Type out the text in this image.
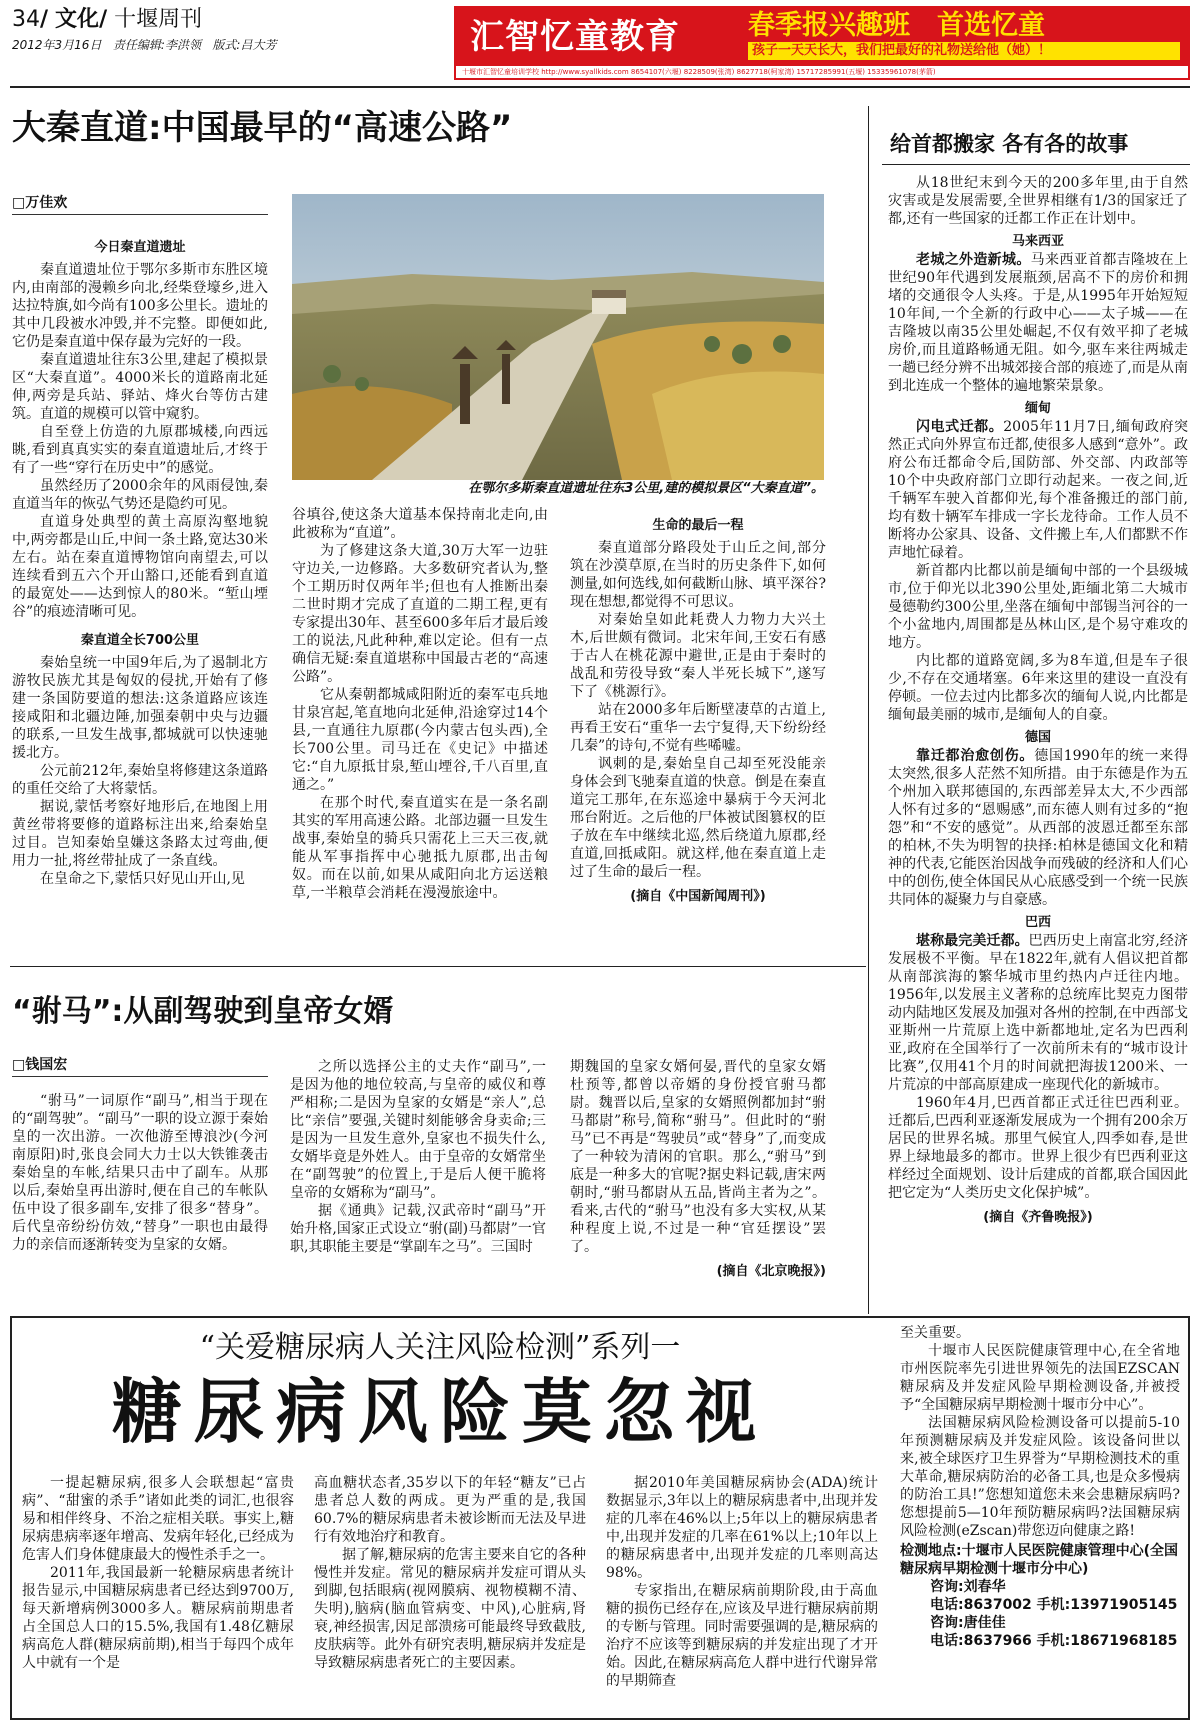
34/ 文化/ 十堰周刊
2012年3月16日 责任编辑:李洪领 版式:吕大芳	汇智忆童教育	春季报兴趣班　首选忆童
孩子一天天长大，我们把最好的礼物送给他（她）！
十堰市汇智忆童培训学校 http://www.syallkids.com 8654107(六堰) 8228509(张湾) 8627718(柯家湾) 15717285991(五堰) 15335961078(茅箭)
大秦直道:中国最早的“高速公路”
□万佳欢
今日秦直道遗址

秦直道遗址位于鄂尔多斯市东胜区境内,由南部的漫赖乡向北,经柴登壕乡,进入达拉特旗,如今尚有100多公里长。遗址的其中几段被水冲毁,并不完整。即便如此,它仍是秦直道中保存最为完好的一段。

秦直道遗址往东3公里,建起了模拟景区“大秦直道”。4000米长的道路南北延伸,两旁是兵站、驿站、烽火台等仿古建筑。直道的规模可以管中窥豹。

自至登上仿造的九原郡城楼,向西远眺,看到真真实实的秦直道遗址后,才终于有了一些“穿行在历史中”的感觉。

虽然经历了2000余年的风雨侵蚀,秦直道当年的恢弘气势还是隐约可见。

直道身处典型的黄土高原沟壑地貌中,两旁都是山丘,中间一条土路,宽达30米左右。站在秦直道博物馆向南望去,可以连续看到五六个开山豁口,还能看到直道的最宽处——达到惊人的80米。“堑山堙谷”的痕迹清晰可见。

秦直道全长700公里

秦始皇统一中国9年后,为了遏制北方游牧民族尤其是匈奴的侵扰,开始有了修建一条国防要道的想法:这条道路应该连接咸阳和北疆边陲,加强秦朝中央与边疆的联系,一旦发生战事,都城就可以快速驰援北方。

公元前212年,秦始皇将修建这条道路的重任交给了大将蒙恬。

据说,蒙恬考察好地形后,在地图上用黄丝带将要修的道路标注出来,给秦始皇过目。岂知秦始皇嫌这条路太过弯曲,便用力一扯,将丝带扯成了一条直线。

在皇命之下,蒙恬只好见山开山,见

在鄂尔多斯秦直道遗址往东3公里,建的模拟景区“大秦直道”。

谷填谷,使这条大道基本保持南北走向,由此被称为“直道”。

为了修建这条大道,30万大军一边驻守边关,一边修路。大多数研究者认为,整个工期历时仅两年半;但也有人推断出秦二世时期才完成了直道的二期工程,更有专家提出30年、甚至600多年后才最后竣工的说法,凡此种种,难以定论。但有一点确信无疑:秦直道堪称中国最古老的“高速公路”。

它从秦朝都城咸阳附近的秦军屯兵地甘泉宫起,笔直地向北延伸,沿途穿过14个县,一直通往九原郡(今内蒙古包头西),全长700公里。司马迁在《史记》中描述它:“自九原抵甘泉,堑山堙谷,千八百里,直通之。”

在那个时代,秦直道实在是一条名副其实的军用高速公路。北部边疆一旦发生战事,秦始皇的骑兵只需花上三天三夜,就能从军事指挥中心驰抵九原郡,出击匈奴。而在以前,如果从咸阳向北方运送粮草,一半粮草会消耗在漫漫旅途中。

生命的最后一程

秦直道部分路段处于山丘之间,部分筑在沙漠草原,在当时的历史条件下,如何测量,如何选线,如何截断山脉、填平深谷?现在想想,都觉得不可思议。

对秦始皇如此耗费人力物力大兴土木,后世颇有微词。北宋年间,王安石有感于古人在桃花源中避世,正是由于秦时的战乱和劳役导致“秦人半死长城下”,遂写下了《桃源行》。

站在2000多年后断壁凄草的古道上,再看王安石“重华一去宁复得,天下纷纷经几秦”的诗句,不觉有些唏嘘。

讽刺的是,秦始皇自己却至死没能亲身体会到飞驰秦直道的快意。倒是在秦直道完工那年,在东巡途中暴病于今天河北邢台附近。之后他的尸体被试图篡权的臣子放在车中继续北巡,然后绕道九原郡,经直道,回抵咸阳。就这样,他在秦直道上走过了生命的最后一程。

(摘自《中国新闻周刊》)
“驸马”:从副驾驶到皇帝女婿
□钱国宏

“驸马”一词原作“副马”,相当于现在的“副驾驶”。“副马”一职的设立源于秦始皇的一次出游。一次他游至博浪沙(今河南原阳)时,张良会同大力士以大铁锥袭击秦始皇的车帐,结果只击中了副车。从那以后,秦始皇再出游时,便在自己的车帐队伍中设了很多副车,安排了很多“替身”。后代皇帝纷纷仿效,“替身”一职也由最得力的亲信而逐渐转变为皇家的女婿。

之所以选择公主的丈夫作“副马”,一是因为他的地位较高,与皇帝的威仪和尊严相称;二是因为皇家的女婿是“亲人”,总比“亲信”要强,关键时刻能够舍身卖命;三是因为一旦发生意外,皇家也不损失什么,女婿毕竟是外姓人。由于皇帝的女婿常坐在“副驾驶”的位置上,于是后人便干脆将皇帝的女婿称为“副马”。

据《通典》记载,汉武帝时“副马”开始升格,国家正式设立“驸(副)马都尉”一官职,其职能主要是“掌副车之马”。三国时

期魏国的皇家女婿何晏,晋代的皇家女婿杜预等,都曾以帝婿的身份授官驸马都尉。魏晋以后,皇家的女婿照例都加封“驸马都尉”称号,简称“驸马”。但此时的“驸马”已不再是“驾驶员”或“替身”了,而变成了一种较为清闲的官职。那么,“驸马”到底是一种多大的官呢?据史料记载,唐宋两朝时,“驸马都尉从五品,皆尚主者为之”。看来,古代的“驸马”也没有多大实权,从某种程度上说,不过是一种“官廷摆设”罢了。

(摘自《北京晚报》)
给首都搬家 各有各的故事

从18世纪末到今天的200多年里,由于自然灾害或是发展需要,全世界相继有1/3的国家迁了都,还有一些国家的迁都工作正在计划中。

马来西亚

老城之外造新城。马来西亚首都吉隆坡在上世纪90年代遇到发展瓶颈,居高不下的房价和拥堵的交通很令人头疼。于是,从1995年开始短短10年间,一个全新的行政中心——太子城——在吉隆坡以南35公里处崛起,不仅有效平抑了老城房价,而且道路畅通无阻。如今,驱车来往两城走一趟已经分辨不出城郊接合部的痕迹了,而是从南到北连成一个整体的遍地繁荣景象。

缅甸

闪电式迁都。2005年11月7日,缅甸政府突然正式向外界宣布迁都,使很多人感到“意外”。政府公布迁都命令后,国防部、外交部、内政部等10个中央政府部门立即行动起来。一夜之间,近千辆军车驶入首都仰光,每个准备搬迁的部门前,均有数十辆军车排成一字长龙待命。工作人员不断将办公家具、设备、文件搬上车,人们都默不作声地忙碌着。

新首都内比都以前是缅甸中部的一个县级城市,位于仰光以北390公里处,距缅北第二大城市曼德勒约300公里,坐落在缅甸中部锡当河谷的一个小盆地内,周围都是丛林山区,是个易守难攻的地方。

内比都的道路宽阔,多为8车道,但是车子很少,不存在交通堵塞。6年来这里的建设一直没有停顿。一位去过内比都多次的缅甸人说,内比都是缅甸最美丽的城市,是缅甸人的自豪。

德国

靠迁都治愈创伤。德国1990年的统一来得太突然,很多人茫然不知所措。由于东德是作为五个州加入联邦德国的,东西部差异太大,不少西部人怀有过多的“恩赐感”,而东德人则有过多的“抱怨”和“不安的感觉”。从西部的波恩迁都至东部的柏林,不失为明智的抉择:柏林是德国文化和精神的代表,它能医治因战争而残破的经济和人们心中的创伤,使全体国民从心底感受到一个统一民族共同体的凝聚力与自豪感。

巴西

堪称最完美迁都。巴西历史上南富北穷,经济发展极不平衡。早在1822年,就有人倡议把首都从南部滨海的繁华城市里约热内卢迁往内地。1956年,以发展主义著称的总统库比契克力图带动内陆地区发展及加强对各州的控制,在中西部戈亚斯州一片荒原上选中新都地址,定名为巴西利亚,政府在全国举行了一次前所未有的“城市设计比赛”,仅用41个月的时间就把海拔1200米、一片荒凉的中部高原建成一座现代化的新城市。

1960年4月,巴西首都正式迁往巴西利亚。迁都后,巴西利亚逐渐发展成为一个拥有200余万居民的世界名城。那里气候宜人,四季如春,是世界上绿地最多的都市。世界上很少有巴西利亚这样经过全面规划、设计后建成的首都,联合国因此把它定为“人类历史文化保护城”。

(摘自《齐鲁晚报》)
“关爱糖尿病人关注风险检测”系列一
糖尿病风险莫忽视

一提起糖尿病,很多人会联想起“富贵病”、“甜蜜的杀手”诸如此类的词汇,也很容易和相伴终身、不治之症相关联。事实上,糖尿病患病率逐年增高、发病年轻化,已经成为危害人们身体健康最大的慢性杀手之一。

2011年,我国最新一轮糖尿病患者统计报告显示,中国糖尿病患者已经达到9700万,每天新增病例3000多人。糖尿病前期患者占全国总人口的15.5%,我国有1.48亿糖尿病高危人群(糖尿病前期),相当于每四个成年人中就有一个是

高血糖状态者,35岁以下的年轻“糖友”已占患者总人数的两成。更为严重的是,我国60.7%的糖尿病患者未被诊断而无法及早进行有效地治疗和教育。

据了解,糖尿病的危害主要来自它的各种慢性并发症。常见的糖尿病并发症可谓从头到脚,包括眼病(视网膜病、视物模糊不清、失明),脑病(脑血管病变、中风),心脏病,肾衰,神经损害,因足部溃疡可能最终导致截肢,皮肤病等。此外有研究表明,糖尿病并发症是导致糖尿病患者死亡的主要因素。

据2010年美国糖尿病协会(ADA)统计数据显示,3年以上的糖尿病患者中,出现并发症的几率在46%以上;5年以上的糖尿病患者中,出现并发症的几率在61%以上;10年以上的糖尿病患者中,出现并发症的几率则高达98%。

专家指出,在糖尿病前期阶段,由于高血糖的损伤已经存在,应该及早进行糖尿病前期的专断与管理。同时需要强调的是,糖尿病的治疗不应该等到糖尿病的并发症出现了才开始。因此,在糖尿病高危人群中进行代谢异常的早期筛查

至关重要。

十堰市人民医院健康管理中心,在全省地市州医院率先引进世界领先的法国EZSCAN糖尿病及并发症风险早期检测设备,并被授予“全国糖尿病早期检测十堰市分中心”。

法国糖尿病风险检测设备可以提前5-10年预测糖尿病及并发症风险。该设备问世以来,被全球医疗卫生界誉为“早期检测技术的重大革命,糖尿病防治的必备工具,也是众多慢病的防治工具!”您想知道您未来会患糖尿病吗?您想提前5—10年预防糖尿病吗?法国糖尿病风险检测(eZscan)带您迈向健康之路!

检测地点:十堰市人民医院健康管理中心(全国糖尿病早期检测十堰市分中心)
咨询:刘春华
电话:8637002 手机:13971905145
咨询:唐佳佳
电话:8637966 手机:18671968185
